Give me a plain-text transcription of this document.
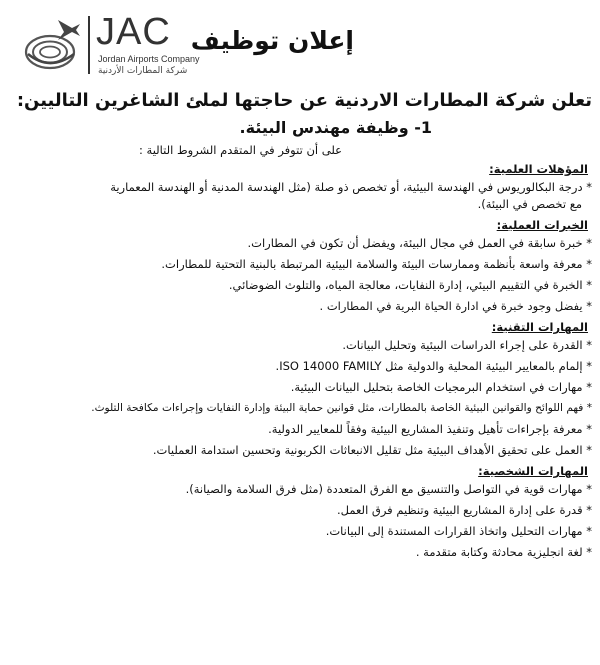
JAC
Jordan Airports Company
شركة المطارات الأردنية
إعلان توظيف

تعلن شركة المطارات الاردنية عن حاجتها لملئ الشاغرين التاليين:

1- وظيفة مهندس البيئة.

على أن تتوفر في المتقدم الشروط التالية :

المؤهلات العلمية:
* درجة البكالوريوس في الهندسة البيئية، أو تخصص ذو صلة (مثل الهندسة المدنية أو الهندسة المعمارية
مع تخصص في البيئة).
الخبرات العملية:
* خبرة سابقة في العمل في مجال البيئة، ويفضل أن تكون في المطارات.
* معرفة واسعة بأنظمة وممارسات البيئة والسلامة البيئية المرتبطة بالبنية التحتية للمطارات.
* الخبرة في التقييم البيئي، إدارة النفايات، معالجة المياه، والتلوث الضوضائي.
* يفضل وجود خبرة في ادارة الحياة البرية في المطارات .
المهارات التقنية:
* القدرة على إجراء الدراسات البيئية وتحليل البيانات.
* إلمام بالمعايير البيئية المحلية والدولية مثل ISO 14000 FAMILY.
* مهارات في استخدام البرمجيات الخاصة بتحليل البيانات البيئية.
* فهم اللوائح والقوانين البيئية الخاصة بالمطارات، مثل قوانين حماية البيئة وإدارة النفايات وإجراءات مكافحة التلوث.
* معرفة بإجراءات تأهيل وتنفيذ المشاريع البيئية وفقاً للمعايير الدولية.
* العمل على تحقيق الأهداف البيئية مثل تقليل الانبعاثات الكربونية وتحسين استدامة العمليات.
المهارات الشخصية:
* مهارات قوية في التواصل والتنسيق مع الفرق المتعددة (مثل فرق السلامة والصيانة).
* قدرة على إدارة المشاريع البيئية وتنظيم فرق العمل.
* مهارات التحليل واتخاذ القرارات المستندة إلى البيانات.
* لغة انجليزية محادثة وكتابة متقدمة .
